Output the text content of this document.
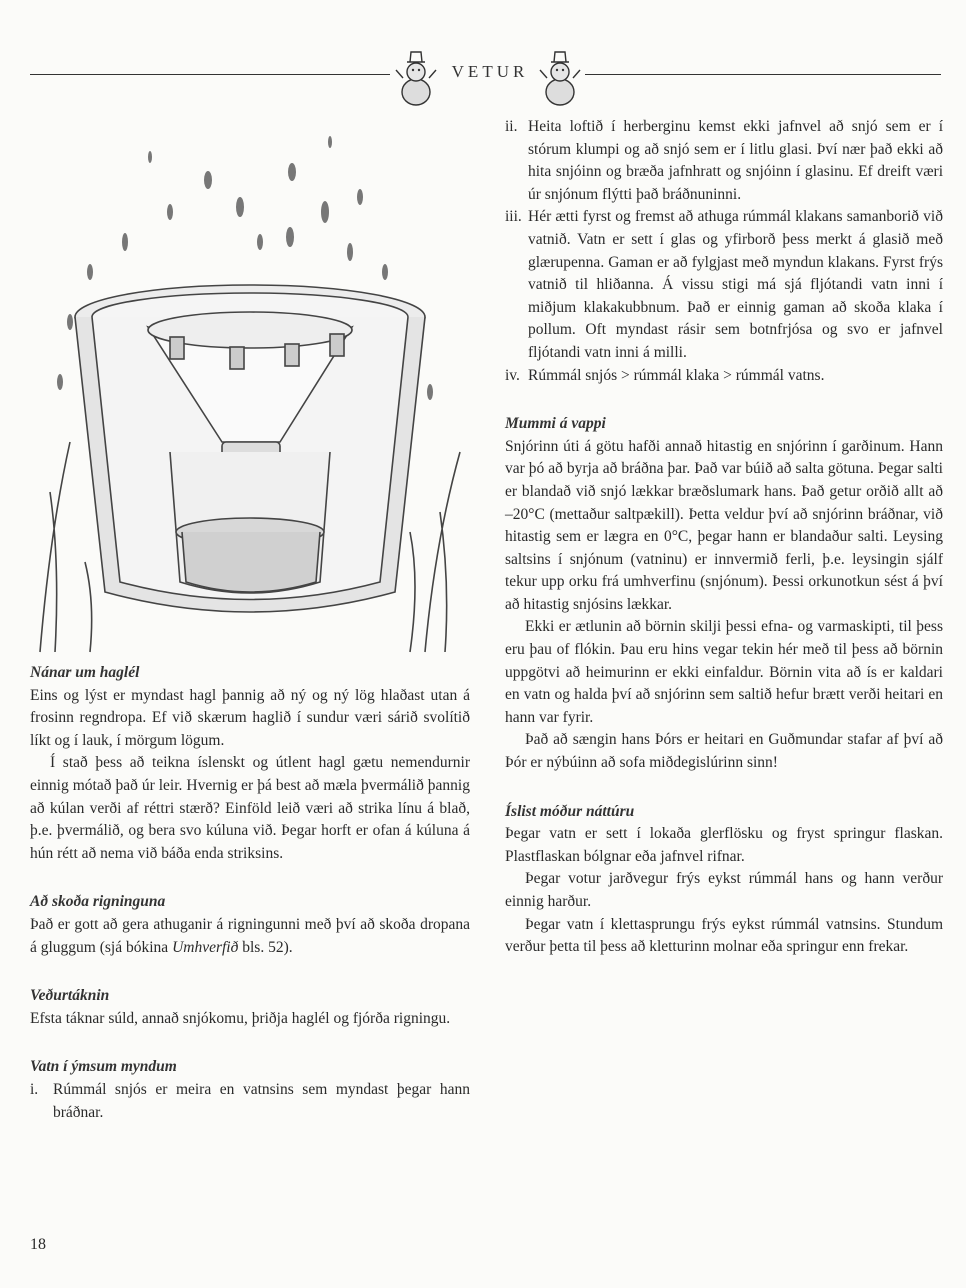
VETUR
Nánar um haglél

Eins og lýst er myndast hagl þannig að ný og ný lög hlaðast utan á frosinn regndropa. Ef við skærum haglið í sundur væri sárið svolítið líkt og í lauk, í mörgum lögum.

Í stað þess að teikna íslenskt og útlent hagl gætu nemendurnir einnig mótað það úr leir. Hvernig er þá best að mæla þvermálið þannig að kúlan verði af réttri stærð? Einföld leið væri að strika línu á blað, þ.e. þvermálið, og bera svo kúluna við. Þegar horft er ofan á kúluna á hún rétt að nema við báða enda striksins.

Að skoða rigninguna

Það er gott að gera athuganir á rigningunni með því að skoða dropana á gluggum (sjá bókina Umhverfið bls. 52).

Veðurtáknin

Efsta táknar súld, annað snjókomu, þriðja haglél og fjórða rigningu.

Vatn í ýmsum myndum
i. Rúmmál snjós er meira en vatnsins sem myndast þegar hann bráðnar.
ii. Heita loftið í herberginu kemst ekki jafnvel að snjó sem er í stórum klumpi og að snjó sem er í litlu glasi. Því nær það ekki að hita snjóinn og bræða jafnhratt og snjóinn í glasinu. Ef dreift væri úr snjónum flýtti það bráðnuninni.
iii. Hér ætti fyrst og fremst að athuga rúmmál klakans samanborið við vatnið. Vatn er sett í glas og yfirborð þess merkt á glasið með glærupenna. Gaman er að fylgjast með myndun klakans. Fyrst frýs vatnið til hliðanna. Á vissu stigi má sjá fljótandi vatn inni í miðjum klakakubbnum. Það er einnig gaman að skoða klaka í pollum. Oft myndast rásir sem botnfrjósa og svo er jafnvel fljótandi vatn inni á milli.
iv. Rúmmál snjós > rúmmál klaka > rúmmál vatns.
Mummi á vappi

Snjórinn úti á götu hafði annað hitastig en snjórinn í garðinum. Hann var þó að byrja að bráðna þar. Það var búið að salta götuna. Þegar salti er blandað við snjó lækkar bræðslumark hans. Það getur orðið allt að –20°C (mettaður saltpækill). Þetta veldur því að snjórinn bráðnar, við hitastig sem er lægra en 0°C, þegar hann er blandaður salti. Leysing saltsins í snjónum (vatninu) er innvermið ferli, þ.e. leysingin sjálf tekur upp orku frá umhverfinu (snjónum). Þessi orkunotkun sést á því að hitastig snjósins lækkar.

Ekki er ætlunin að börnin skilji þessi efna- og varmaskipti, til þess eru þau of flókin. Þau eru hins vegar tekin hér með til þess að börnin uppgötvi að heimurinn er ekki einfaldur. Börnin vita að ís er kaldari en vatn og halda því að snjórinn sem saltið hefur brætt verði heitari en hann var fyrir.

Það að sængin hans Þórs er heitari en Guðmundar stafar af því að Þór er nýbúinn að sofa miðdegislúrinn sinn!

Íslist móður náttúru

Þegar vatn er sett í lokaða glerflösku og fryst springur flaskan. Plastflaskan bólgnar eða jafnvel rifnar.

Þegar votur jarðvegur frýs eykst rúmmál hans og hann verður einnig harður.

Þegar vatn í klettasprungu frýs eykst rúmmál vatnsins. Stundum verður þetta til þess að kletturinn molnar eða springur enn frekar.

18
